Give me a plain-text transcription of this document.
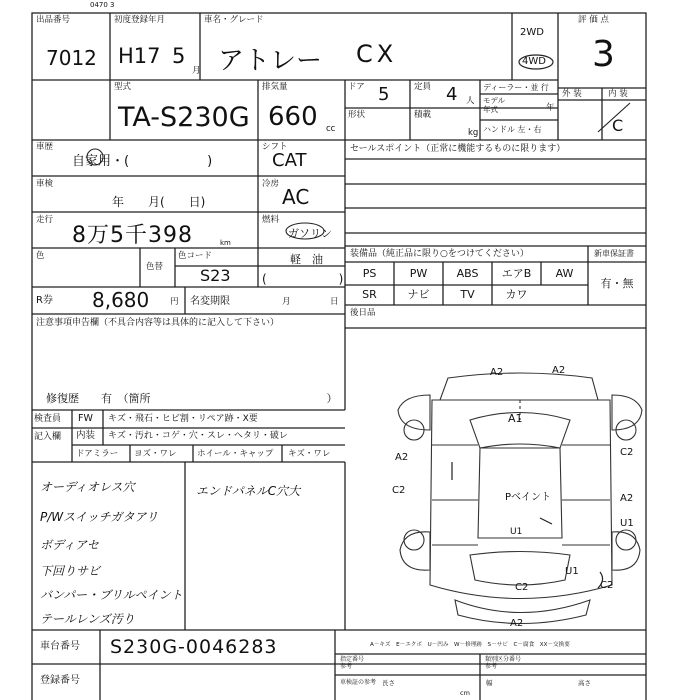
0470 3
出品番号
7012
初度登録年月
H17 5
月
車名・グレード
アトレー CX
2WD
4WD
評 価 点
3
外 装	内 装
C
型式
TA-S230G
排気量
660 cc
ドア 5	定員 4 人
形状	積載
kg
ディーラー・並 行
モデル
年式	年
ハンドル 左・右
車歴
自家用・(　　　　　　)
シフト
CAT
車検
年　　月(　　日)
冷房
AC
走行
8万5千398	km
燃料
ガソリン
軽　油
色
色替
色コード
S23	(　　　　　　)
R券 8,680 円 名変期限	月	日
セールスポイント（正常に機能するものに限ります）
装備品（純正品に限り○をつけてください）	新車保証書
PS	PW	ABS	エアB	AW
SR	ナビ	TV	カワ
有・無
後日品
注意事項申告欄（不具合内容等は具体的に記入して下さい）
修復歴　　有　（箇所　　　　　　　　　　　　　　　　）
検査員
記入欄
FW キズ・飛石・ヒビ割・リペア跡・X要
内装 キズ・汚れ・コゲ・穴・スレ・へタリ・破レ
ドアミラー ヨズ・ワレ ホイール・キャップ キズ・ワレ
オーディオレス穴
P/Wスイッチガタアリ
ボディアセ
下回りサビ
バンパー・ブリルペイント
テールレンズ汚り
エンドパネルC穴大
A2	A2
A1
A2
C2
Pベイント
U1
U1
C2
C2
A2
U1
C2
A2
A－キズ　E－エクボ　U－凹み　W－修理跡　S－サビ　C－腐食　XX－交換要
車台番号 S230G-0046283
登録番号
指定番号
参考
類別区分番号
参考
車検証の参考 長さ	幅	高さ
cm
